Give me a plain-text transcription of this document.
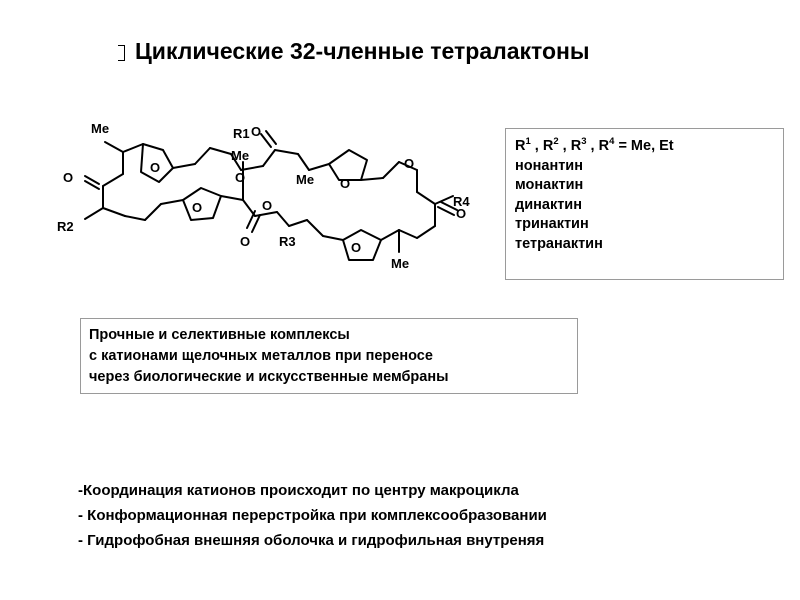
Циклические 32-членные тетралактоны
Me
O
R2
O
R1 O
O	Me O
O
R4
O
Me
O
R3
O
O
Me
O
$R^1$ , $R^2$ , $R^3$ , $R^4 = Me$, Et
нонантин
монактин
динактин
тринактин
тетранактин
Прочные и селективные комплексы
с катионами щелочных металлов при переносе
через биологические и искусственные мембраны
-Координация катионов происходит по центру макроцикла
- Конформационная перерстройка при комплексообразовании
- Гидрофобная внешняя оболочка и гидрофильная внутреняя
